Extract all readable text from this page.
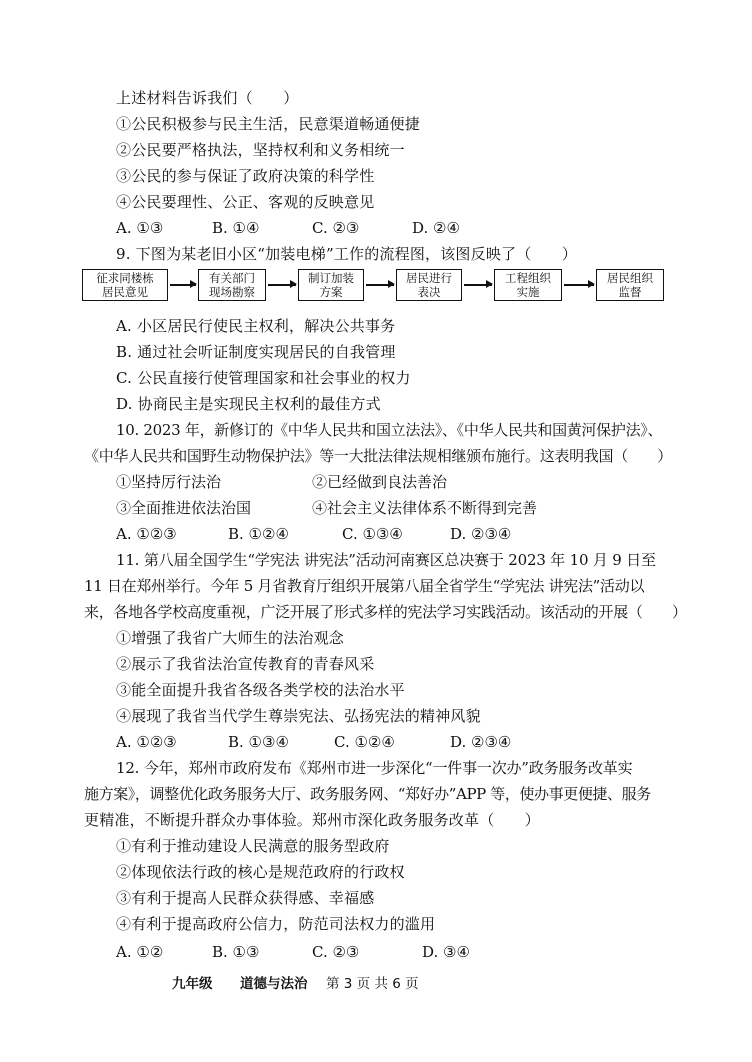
上述材料告诉我们（　　）
①公民积极参与民主生活，民意渠道畅通便捷
②公民要严格执法，坚持权利和义务相统一
③公民的参与保证了政府决策的科学性
④公民要理性、公正、客观的反映意见
A. ①③	B. ①④	C. ②③	D. ②④
9. 下图为某老旧小区“加装电梯”工作的流程图，该图反映了（　　）
征求同楼栋
居民意见
有关部门
现场勘察
制订加装
方案
居民进行
表决
工程组织
实施
居民组织
监督
A. 小区居民行使民主权利，解决公共事务
B. 通过社会听证制度实现居民的自我管理
C. 公民直接行使管理国家和社会事业的权力
D. 协商民主是实现民主权利的最佳方式
10. 2023 年，新修订的《中华人民共和国立法法》、《中华人民共和国黄河保护法》、
《中华人民共和国野生动物保护法》等一大批法律法规相继颁布施行。这表明我国（　　）
①坚持厉行法治	②已经做到良法善治
③全面推进依法治国	④社会主义法律体系不断得到完善
A. ①②③	B. ①②④	C. ①③④	D. ②③④
11. 第八届全国学生“学宪法 讲宪法”活动河南赛区总决赛于 2023 年 10 月 9 日至
11 日在郑州举行。今年 5 月省教育厅组织开展第八届全省学生“学宪法 讲宪法”活动以
来，各地各学校高度重视，广泛开展了形式多样的宪法学习实践活动。该活动的开展（　　）
①增强了我省广大师生的法治观念
②展示了我省法治宣传教育的青春风采
③能全面提升我省各级各类学校的法治水平
④展现了我省当代学生尊崇宪法、弘扬宪法的精神风貌
A. ①②③	B. ①③④	C. ①②④	D. ②③④
12. 今年，郑州市政府发布《郑州市进一步深化“一件事一次办”政务服务改革实
施方案》，调整优化政务服务大厅、政务服务网、“郑好办”APP 等，使办事更便捷、服务
更精准，不断提升群众办事体验。郑州市深化政务服务改革（　　）
①有利于推动建设人民满意的服务型政府
②体现依法行政的核心是规范政府的行政权
③有利于提高人民群众获得感、幸福感
④有利于提高政府公信力，防范司法权力的滥用
A. ①②	B. ①③	C. ②③	D. ③④
九年级 道德与法治 第 3 页 共 6 页
